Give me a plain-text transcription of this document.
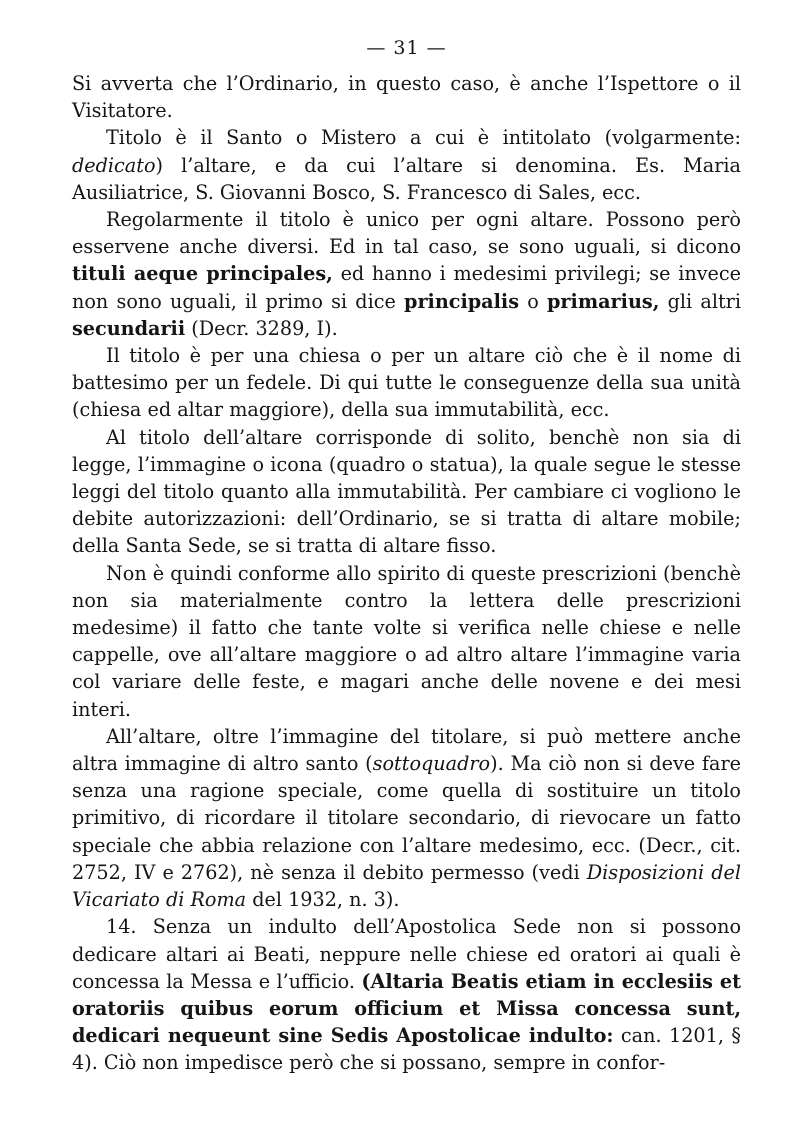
— 31 —

Si avverta che l’Ordinario, in questo caso, è anche l’Ispettore o il Visitatore.

Titolo è il Santo o Mistero a cui è intitolato (volgarmente: dedicato) l’altare, e da cui l’altare si denomina. Es. Maria Ausiliatrice, S. Giovanni Bosco, S. Francesco di Sales, ecc.

Regolarmente il titolo è unico per ogni altare. Possono però esservene anche diversi. Ed in tal caso, se sono uguali, si dicono tituli aeque principales, ed hanno i medesimi privilegi; se invece non sono uguali, il primo si dice principalis o primarius, gli altri secundarii (Decr. 3289, I).

Il titolo è per una chiesa o per un altare ciò che è il nome di battesimo per un fedele. Di qui tutte le conseguenze della sua unità (chiesa ed altar maggiore), della sua immutabilità, ecc.

Al titolo dell’altare corrisponde di solito, benchè non sia di legge, l’immagine o icona (quadro o statua), la quale segue le stesse leggi del titolo quanto alla immutabilità. Per cambiare ci vogliono le debite autorizzazioni: dell’Ordinario, se si tratta di altare mobile; della Santa Sede, se si tratta di altare fisso.

Non è quindi conforme allo spirito di queste prescrizioni (benchè non sia materialmente contro la lettera delle prescrizioni medesime) il fatto che tante volte si verifica nelle chiese e nelle cappelle, ove all’altare maggiore o ad altro altare l’immagine varia col variare delle feste, e magari anche delle novene e dei mesi interi.

All’altare, oltre l’immagine del titolare, si può mettere anche altra immagine di altro santo (sottoquadro). Ma ciò non si deve fare senza una ragione speciale, come quella di sostituire un titolo primitivo, di ricordare il titolare secondario, di rievocare un fatto speciale che abbia relazione con l’altare medesimo, ecc. (Decr., cit. 2752, IV e 2762), nè senza il debito permesso (vedi Disposizioni del Vicariato di Roma del 1932, n. 3).

14. Senza un indulto dell’Apostolica Sede non si possono dedicare altari ai Beati, neppure nelle chiese ed oratori ai quali è concessa la Messa e l’ufficio. (Altaria Beatis etiam in ecclesiis et oratoriis quibus eorum officium et Missa concessa sunt, dedicari nequeunt sine Sedis Apostolicae indulto: can. 1201, § 4). Ciò non impedisce però che si possano, sempre in confor-
